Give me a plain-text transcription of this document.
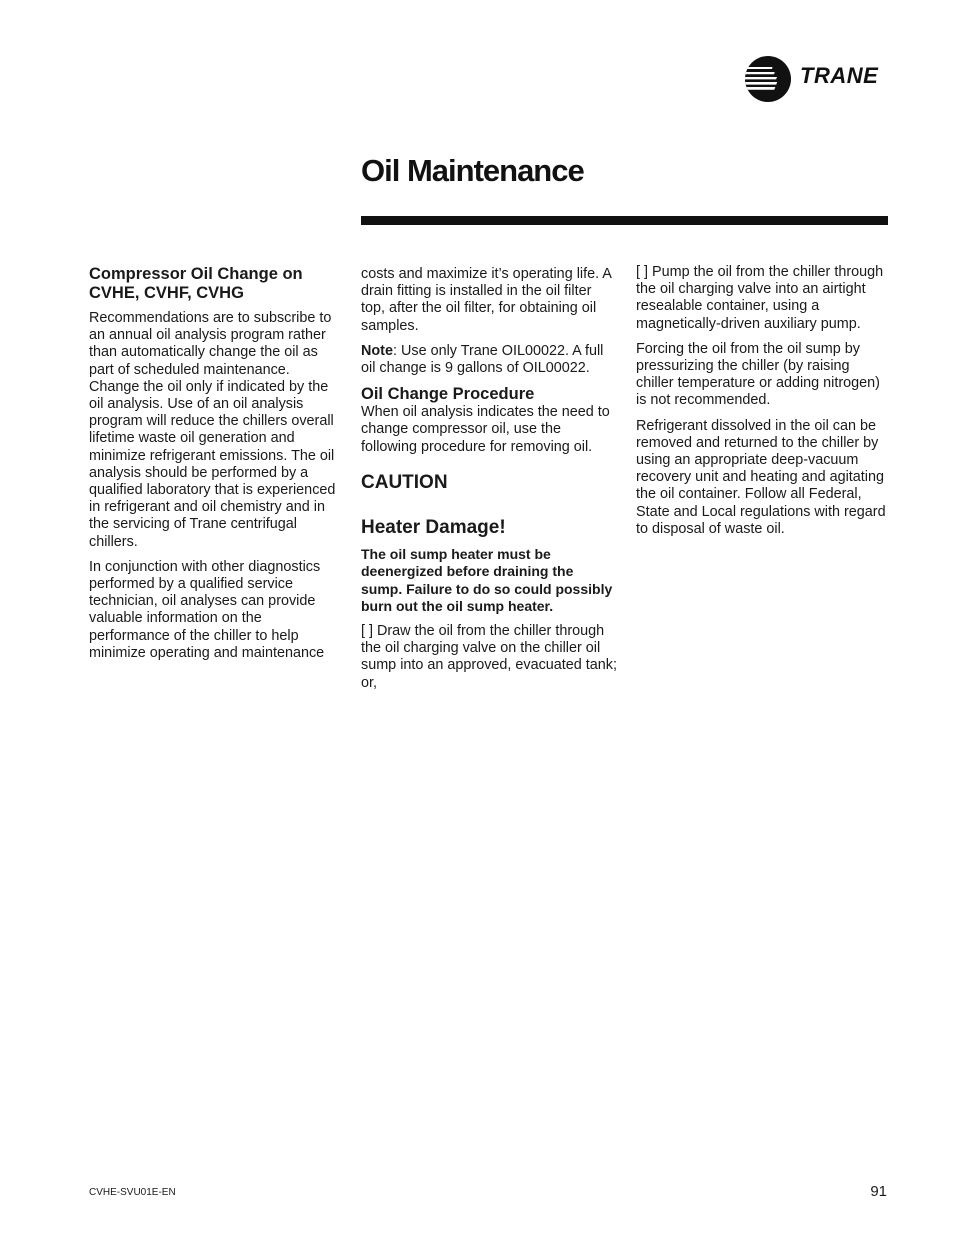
TRANE
Oil Maintenance
Compressor Oil Change on CVHE, CVHF, CVHG

Recommendations are to subscribe to an annual oil analysis program rather than automatically change the oil as part of scheduled maintenance. Change the oil only if indicated by the oil analysis. Use of an oil analysis program will reduce the chillers overall lifetime waste oil generation and minimize refrigerant emissions. The oil analysis should be performed by a qualified laboratory that is experienced in refrigerant and oil chemistry and in the servicing of Trane centrifugal chillers.

In conjunction with other diagnostics performed by a qualified service technician, oil analyses can provide valuable information on the performance of the chiller to help minimize operating and maintenance

costs and maximize it’s operating life. A drain fitting is installed in the oil filter top, after the oil filter, for obtaining oil samples.

Note: Use only Trane OIL00022. A full oil change is 9 gallons of OIL00022.

Oil Change Procedure

When oil analysis indicates the need to change compressor oil, use the following procedure for removing oil.

CAUTION
Heater Damage!

The oil sump heater must be deenergized before draining the sump. Failure to do so could possibly burn out the oil sump heater.

[ ] Draw the oil from the chiller through the oil charging valve on the chiller oil sump into an approved, evacuated tank; or,

[ ] Pump the oil from the chiller through the oil charging valve into an airtight resealable container, using a magnetically-driven auxiliary pump.

Forcing the oil from the oil sump by pressurizing the chiller (by raising chiller temperature or adding nitrogen) is not recommended.

Refrigerant dissolved in the oil can be removed and returned to the chiller by using an appropriate deep-vacuum recovery unit and heating and agitating the oil container. Follow all Federal, State and Local regulations with regard to disposal of waste oil.

CVHE-SVU01E-EN	91
